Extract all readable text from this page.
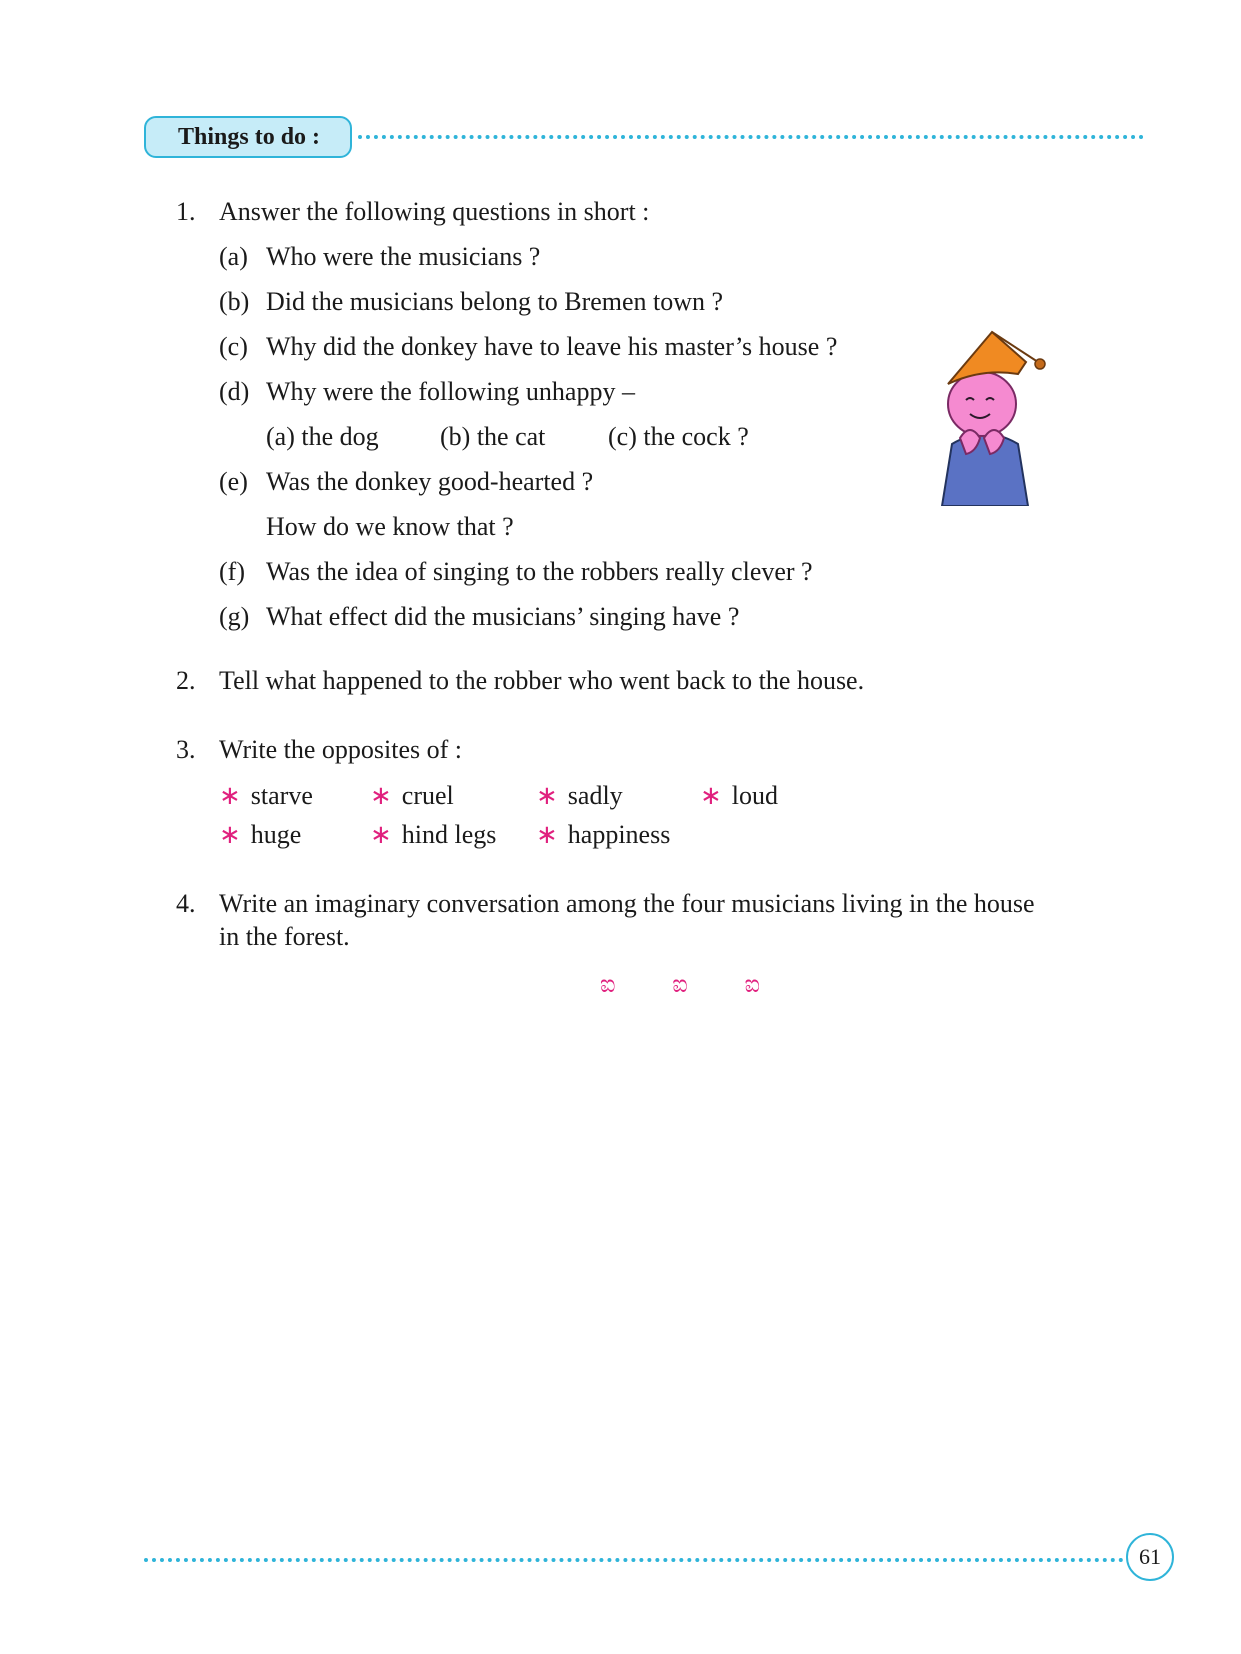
Things to do :
1. Answer the following questions in short :
(a) Who were the musicians ?
(b) Did the musicians belong to Bremen town ?
(c) Why did the donkey have to leave his master’s house ?
(d) Why were the following unhappy –
(a) the dog (b) the cat (c) the cock ?
(e) Was the donkey good-hearted ?
How do we know that ?
(f) Was the idea of singing to the robbers really clever ?
(g) What effect did the musicians’ singing have ?
2. Tell what happened to the robber who went back to the house.
3. Write the opposites of :
∗ starve ∗ cruel	∗ sadly	∗ loud
∗ huge	∗ hind legs ∗ happiness
4. Write an imaginary conversation among the four musicians living in the house
in the forest.
ಐ ಐ ಐ
61
